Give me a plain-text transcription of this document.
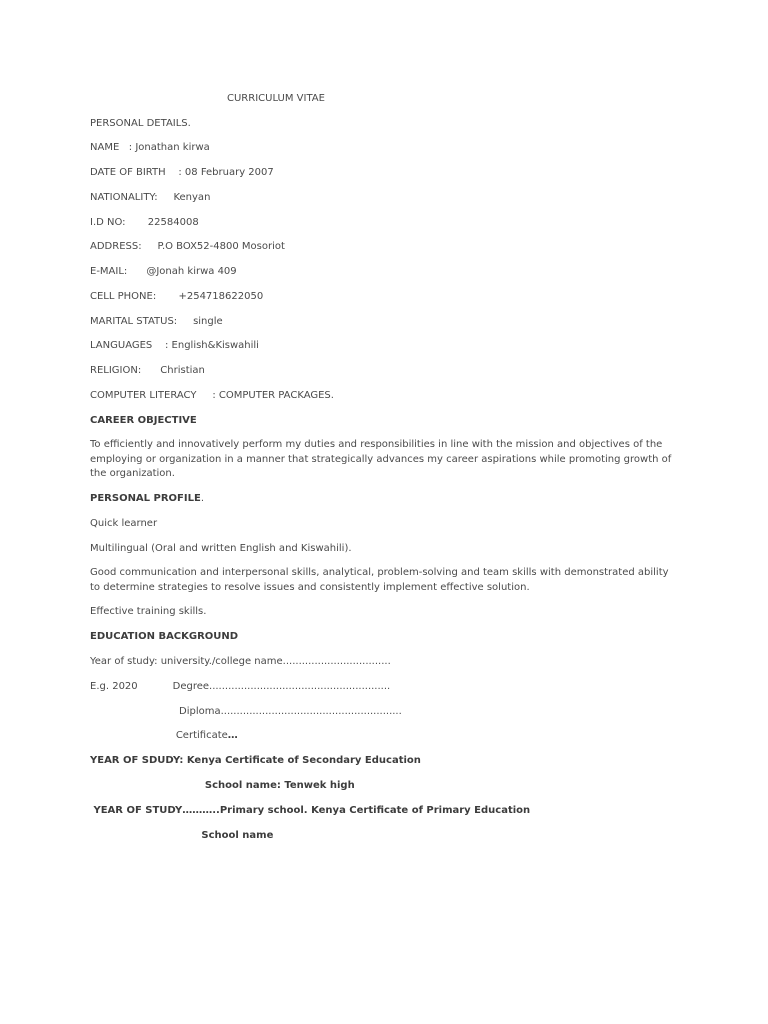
CURRICULUM VITAE
PERSONAL DETAILS.
NAME   : Jonathan kirwa
DATE OF BIRTH    : 08 February 2007
NATIONALITY:     Kenyan
I.D NO:       22584008
ADDRESS:     P.O BOX52-4800 Mosoriot
E-MAIL:      @Jonah kirwa 409
CELL PHONE:       +254718622050
MARITAL STATUS:     single
LANGUAGES    : English&Kiswahili
RELIGION:      Christian
COMPUTER LITERACY     : COMPUTER PACKAGES.
CAREER OBJECTIVE
To efficiently and innovatively perform my duties and responsibilities in line with the mission and objectives of the employing or organization in a manner that strategically advances my career aspirations while promoting growth of the organization.
PERSONAL PROFILE.
Quick learner
Multilingual (Oral and written English and Kiswahili).
Good communication and interpersonal skills, analytical, problem-solving and team skills with demonstrated ability to determine strategies to resolve issues and consistently implement effective solution.
Effective training skills.
EDUCATION BACKGROUND
Year of study: university./college name..................................
E.g. 2020           Degree.........................................................
Diploma.........................................................
Certificate…
YEAR OF SDUDY: Kenya Certificate of Secondary Education
School name: Tenwek high
YEAR OF STUDY………..Primary school. Kenya Certificate of Primary Education
School name
